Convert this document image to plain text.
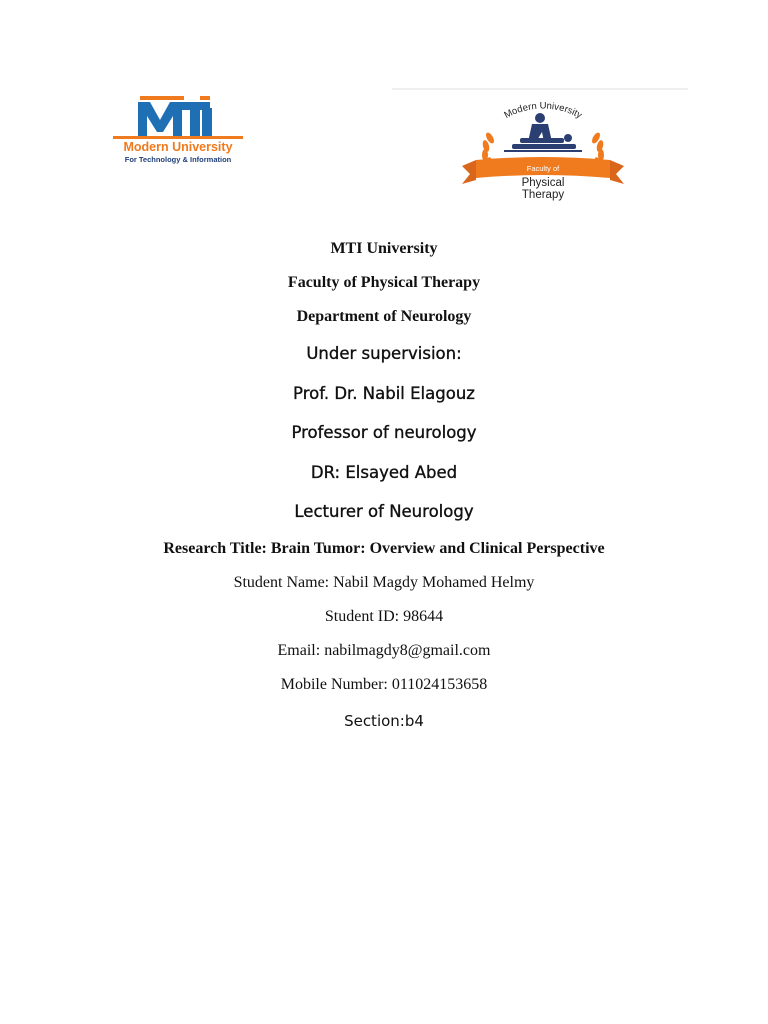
Modern University
For Technology & Information
Modern University
Faculty of
Physical
Therapy
MTI University
Faculty of Physical Therapy
Department of Neurology
Under supervision:
Prof. Dr. Nabil Elagouz
Professor of neurology
DR: Elsayed Abed
Lecturer of Neurology
Research Title: Brain Tumor: Overview and Clinical Perspective
Student Name: Nabil Magdy Mohamed Helmy
Student ID: 98644
Email: nabilmagdy8@gmail.com
Mobile Number: 011024153658
Section:b4
